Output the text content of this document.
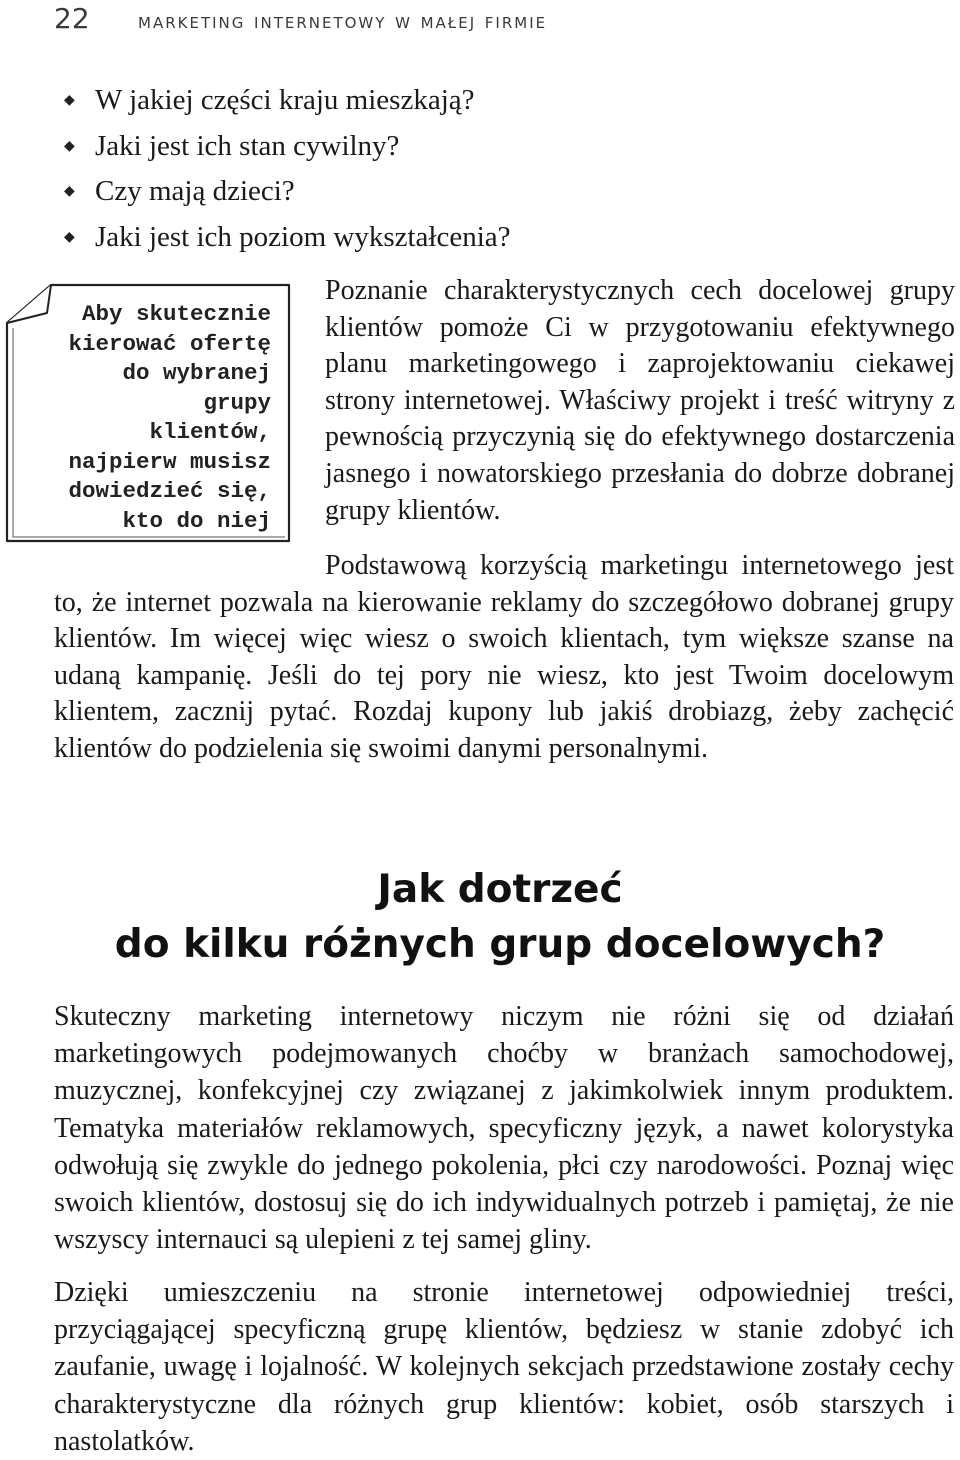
22 marketing internetowy w małej firmie
◆ W jakiej części kraju mieszkają?
◆ Jaki jest ich stan cywilny?
◆ Czy mają dzieci?
◆ Jaki jest ich poziom wykształcenia?
Aby skutecznie
kierować ofertę
do wybranej
grupy
klientów,
najpierw musisz
dowiedzieć się,
kto do niej

Poznanie charakterystycznych cech docelowej grupy klientów pomoże Ci w przygotowaniu efektywnego planu marketingowego i zaprojektowaniu ciekawej strony internetowej. Właściwy projekt i treść witryny z pewnością przyczynią się do efektywnego dostarczenia jasnego i nowatorskiego przesłania do dobrze dobranej grupy klientów.

Podstawową korzyścią marketingu internetowego jest to, że internet pozwala na kierowanie reklamy do szczegółowo dobranej grupy klientów. Im więcej więc wiesz o swoich klientach, tym większe szanse na udaną kampanię. Jeśli do tej pory nie wiesz, kto jest Twoim docelowym klientem, zacznij pytać. Rozdaj kupony lub jakiś drobiazg, żeby zachęcić klientów do podzielenia się swoimi danymi personalnymi.

Jak dotrzeć
do kilku różnych grup docelowych?

Skuteczny marketing internetowy niczym nie różni się od działań marketingowych podejmowanych choćby w branżach samochodowej, muzycznej, konfekcyjnej czy związanej z jakimkolwiek innym produktem. Tematyka materiałów reklamowych, specyficzny język, a nawet kolorystyka odwołują się zwykle do jednego pokolenia, płci czy narodowości. Poznaj więc swoich klientów, dostosuj się do ich indywidualnych potrzeb i pamiętaj, że nie wszyscy internauci są ulepieni z tej samej gliny.

Dzięki umieszczeniu na stronie internetowej odpowiedniej treści, przyciągającej specyficzną grupę klientów, będziesz w stanie zdobyć ich zaufanie, uwagę i lojalność. W kolejnych sekcjach przedstawione zostały cechy charakterystyczne dla różnych grup klientów: kobiet, osób starszych i nastolatków.
